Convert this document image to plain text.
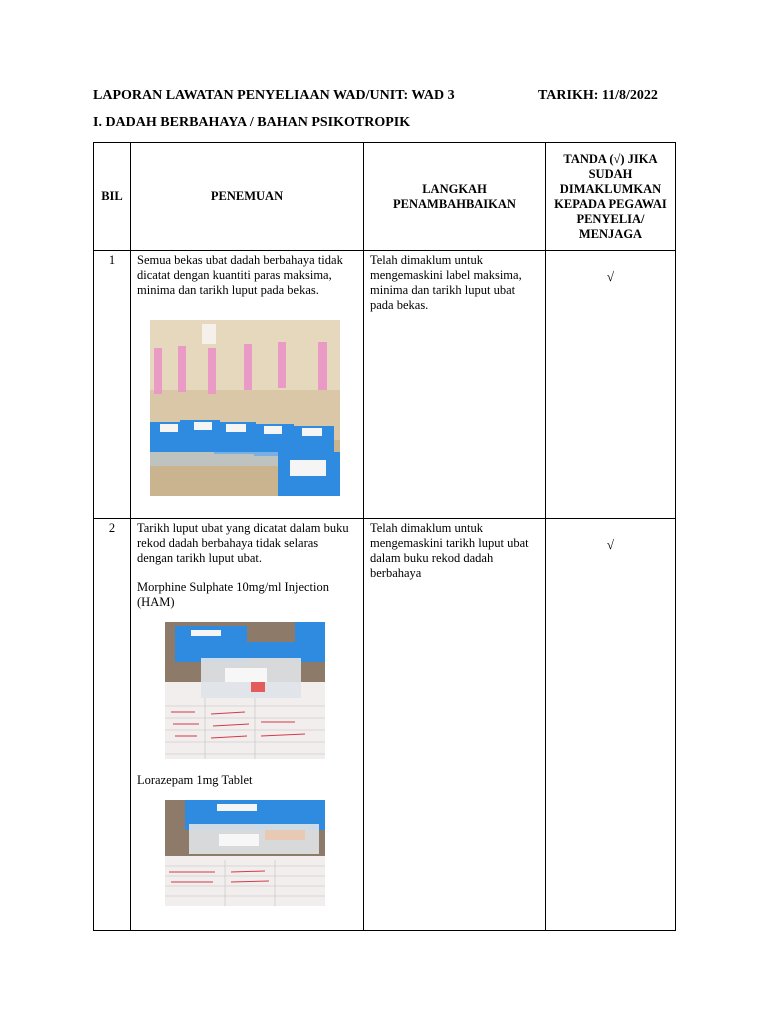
LAPORAN LAWATAN PENYELIAAN WAD/UNIT: WAD 3	TARIKH: 11/8/2022
I. DADAH BERBAHAYA / BAHAN PSIKOTROPIK
BIL	PENEMUAN	LANGKAH PENAMBAHBAIKAN	TANDA (√) JIKA SUDAH DIMAKLUMKAN KEPADA PEGAWAI PENYELIA/ MENJAGA
1	Semua bekas ubat dadah berbahaya tidak dicatat dengan kuantiti paras maksima, minima dan tarikh luput pada bekas.	Telah dimaklum untuk mengemaskini label maksima, minima dan tarikh luput ubat pada bekas.	√
2	Tarikh luput ubat yang dicatat dalam buku rekod dadah berbahaya tidak selaras dengan tarikh luput ubat.

Morphine Sulphate 10mg/ml Injection (HAM)

Lorazepam 1mg Tablet	Telah dimaklum untuk mengemaskini tarikh luput ubat dalam buku rekod dadah berbahaya	√
